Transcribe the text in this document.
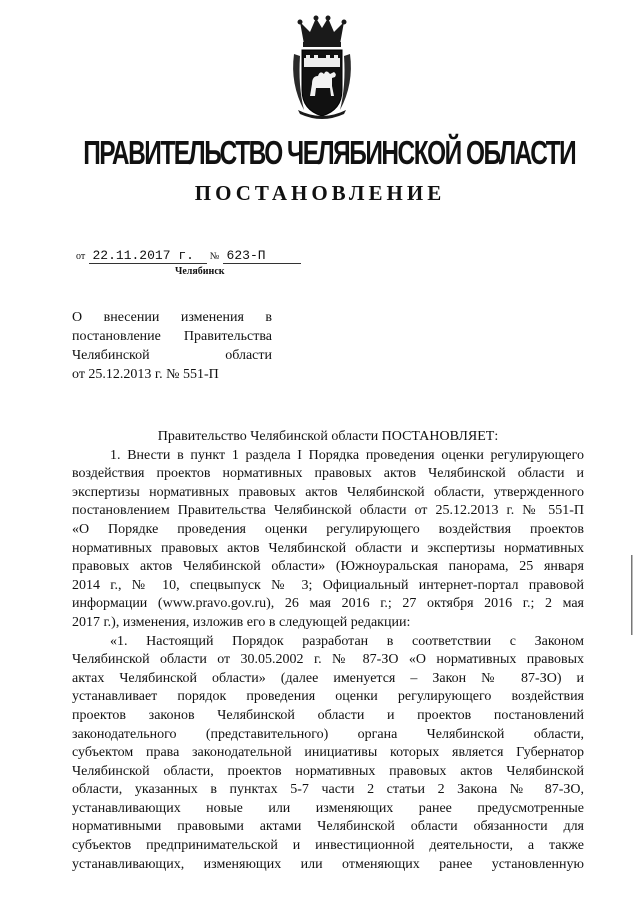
ПРАВИТЕЛЬСТВО ЧЕЛЯБИНСКОЙ ОБЛАСТИ
ПОСТАНОВЛЕНИЕ
от 22.11.2017 г. № 623-П
Челябинск
О внесении изменения в
постановление Правительства
Челябинской области
от 25.12.2013 г. № 551-П
Правительство Челябинской области ПОСТАНОВЛЯЕТ:
1. Внести в пункт 1 раздела I Порядка проведения оценки регулирующего
воздействия проектов нормативных правовых актов Челябинской области и
экспертизы нормативных правовых актов Челябинской области, утвержденного
постановлением Правительства Челябинской области от 25.12.2013 г. № 551-П
«О Порядке проведения оценки регулирующего воздействия проектов
нормативных правовых актов Челябинской области и экспертизы нормативных
правовых актов Челябинской области» (Южноуральская панорама, 25 января
2014 г., № 10, спецвыпуск № 3; Официальный интернет-портал правовой
информации (www.pravo.gov.ru), 26 мая 2016 г.; 27 октября 2016 г.; 2 мая
2017 г.), изменения, изложив его в следующей редакции:
«1. Настоящий Порядок разработан в соответствии с Законом
Челябинской области от 30.05.2002 г. № 87-ЗО «О нормативных правовых
актах Челябинской области» (далее именуется – Закон № 87-ЗО) и
устанавливает порядок проведения оценки регулирующего воздействия
проектов законов Челябинской области и проектов постановлений
законодательного (представительного) органа Челябинской области,
субъектом права законодательной инициативы которых является Губернатор
Челябинской области, проектов нормативных правовых актов Челябинской
области, указанных в пунктах 5-7 части 2 статьи 2 Закона № 87-ЗО,
устанавливающих новые или изменяющих ранее предусмотренные
нормативными правовыми актами Челябинской области обязанности для
субъектов предпринимательской и инвестиционной деятельности, а также
устанавливающих, изменяющих или отменяющих ранее установленную
